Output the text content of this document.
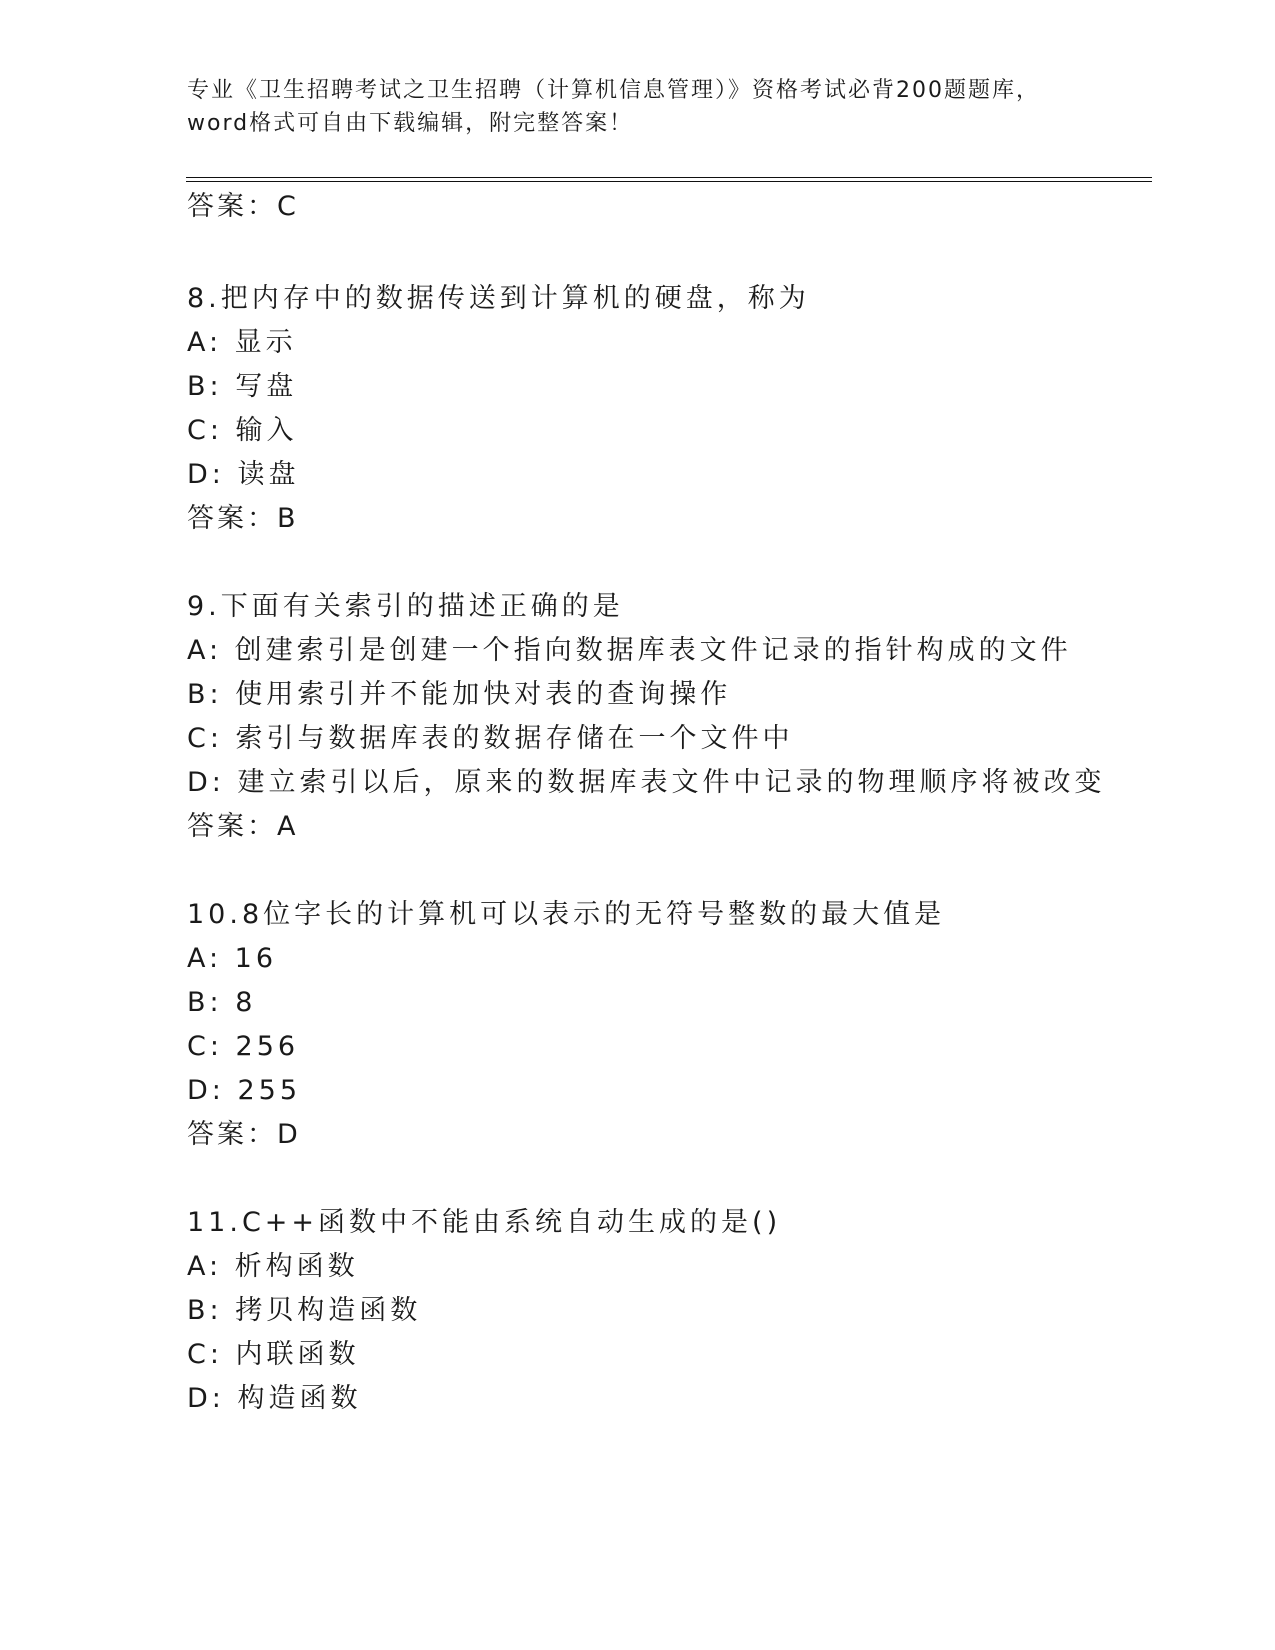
专业《卫生招聘考试之卫生招聘（计算机信息管理）》资格考试必背200题题库，
word格式可自由下载编辑，附完整答案！
答案：C
8.把内存中的数据传送到计算机的硬盘，称为
A: 显示
B: 写盘
C: 输入
D: 读盘
答案：B
9.下面有关索引的描述正确的是
A: 创建索引是创建一个指向数据库表文件记录的指针构成的文件
B: 使用索引并不能加快对表的查询操作
C: 索引与数据库表的数据存储在一个文件中
D: 建立索引以后，原来的数据库表文件中记录的物理顺序将被改变
答案：A
10.8位字长的计算机可以表示的无符号整数的最大值是
A: 16
B: 8
C: 256
D: 255
答案：D
11.C++函数中不能由系统自动生成的是()
A: 析构函数
B: 拷贝构造函数
C: 内联函数
D: 构造函数
